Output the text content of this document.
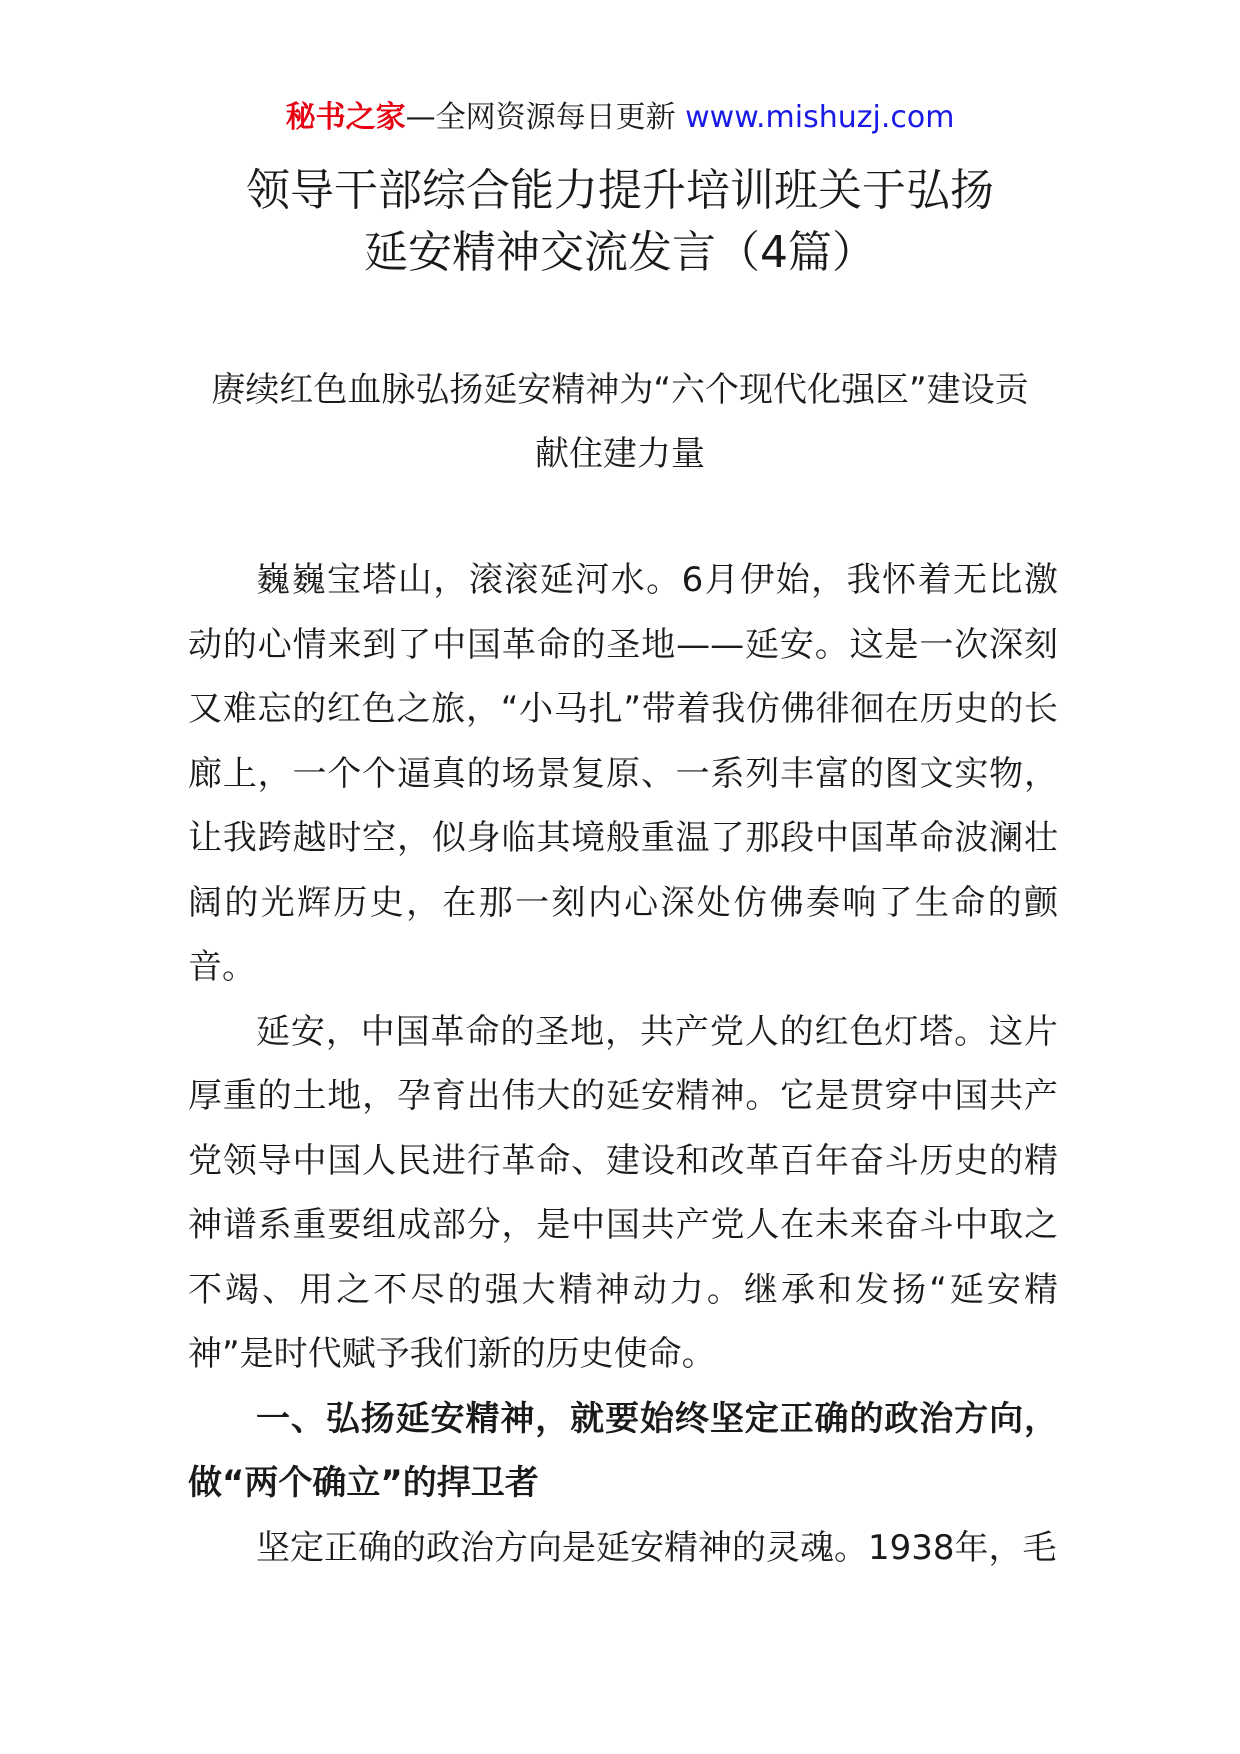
秘书之家—全网资源每日更新 www.mishuzj.com
领导干部综合能力提升培训班关于弘扬
延安精神交流发言（4篇）
赓续红色血脉弘扬延安精神为“六个现代化强区”建设贡
献住建力量

巍巍宝塔山，滚滚延河水。6月伊始，我怀着无比激动的心情来到了中国革命的圣地——延安。这是一次深刻又难忘的红色之旅，“小马扎”带着我仿佛徘徊在历史的长廊上，一个个逼真的场景复原、一系列丰富的图文实物，让我跨越时空，似身临其境般重温了那段中国革命波澜壮阔的光辉历史，在那一刻内心深处仿佛奏响了生命的颤音。

延安，中国革命的圣地，共产党人的红色灯塔。这片厚重的土地，孕育出伟大的延安精神。它是贯穿中国共产党领导中国人民进行革命、建设和改革百年奋斗历史的精神谱系重要组成部分，是中国共产党人在未来奋斗中取之不竭、用之不尽的强大精神动力。继承和发扬“延安精神”是时代赋予我们新的历史使命。

一、弘扬延安精神，就要始终坚定正确的政治方向，做“两个确立”的捍卫者

坚定正确的政治方向是延安精神的灵魂。1938年，毛
